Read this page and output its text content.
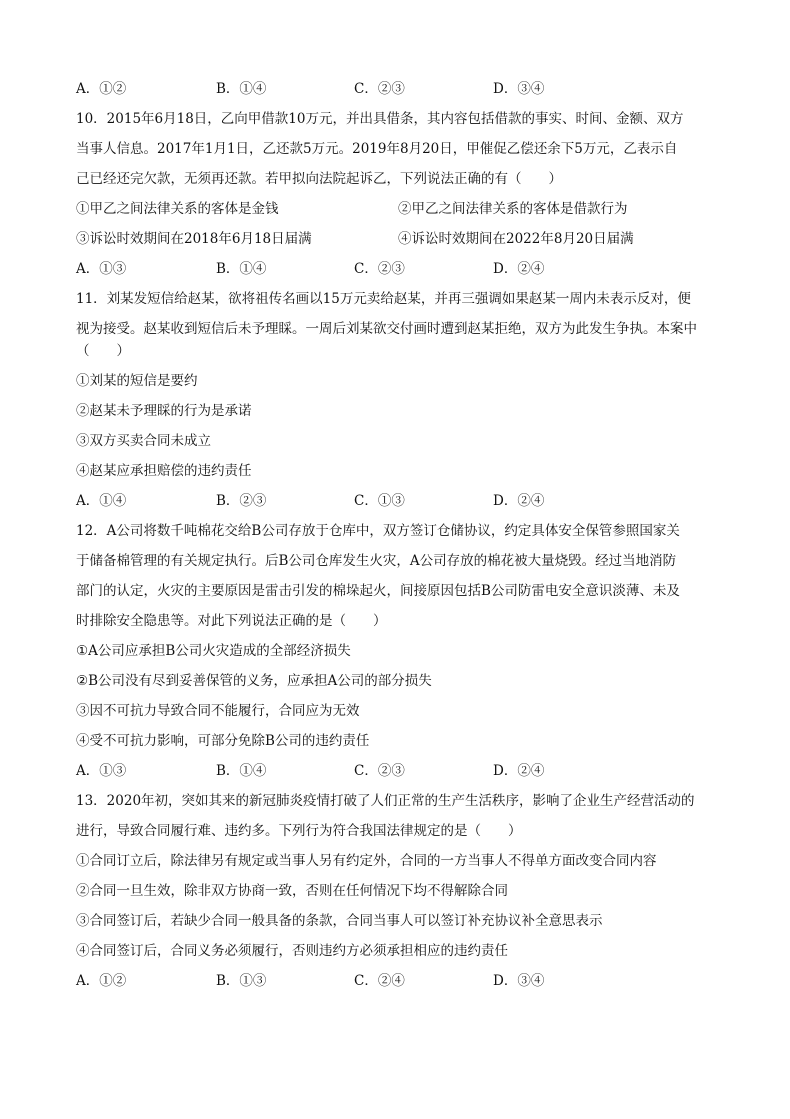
A．①②	B．①④	C．②③	D．③④
10．2015年6月18日，乙向甲借款10万元，并出具借条，其内容包括借款的事实、时间、金额、双方
当事人信息。2017年1月1日，乙还款5万元。2019年8月20日，甲催促乙偿还余下5万元，乙表示自
己已经还完欠款，无须再还款。若甲拟向法院起诉乙，下列说法正确的有（　　）
①甲乙之间法律关系的客体是金钱	②甲乙之间法律关系的客体是借款行为
③诉讼时效期间在2018年6月18日届满	④诉讼时效期间在2022年8月20日届满
A．①③	B．①④	C．②③	D．②④
11．刘某发短信给赵某，欲将祖传名画以15万元卖给赵某，并再三强调如果赵某一周内未表示反对，便
视为接受。赵某收到短信后未予理睬。一周后刘某欲交付画时遭到赵某拒绝，双方为此发生争执。本案中
（　　）
①刘某的短信是要约
②赵某未予理睬的行为是承诺
③双方买卖合同未成立
④赵某应承担赔偿的违约责任
A．①④	B．②③	C．①③	D．②④
12．A公司将数千吨棉花交给B公司存放于仓库中，双方签订仓储协议，约定具体安全保管参照国家关
于储备棉管理的有关规定执行。后B公司仓库发生火灾，A公司存放的棉花被大量烧毁。经过当地消防
部门的认定，火灾的主要原因是雷击引发的棉垛起火，间接原因包括B公司防雷电安全意识淡薄、未及
时排除安全隐患等。对此下列说法正确的是（　　）
①A公司应承担B公司火灾造成的全部经济损失
②B公司没有尽到妥善保管的义务，应承担A公司的部分损失
③因不可抗力导致合同不能履行，合同应为无效
④受不可抗力影响，可部分免除B公司的违约责任
A．①③	B．①④	C．②③	D．②④
13．2020年初，突如其来的新冠肺炎疫情打破了人们正常的生产生活秩序，影响了企业生产经营活动的
进行，导致合同履行难、违约多。下列行为符合我国法律规定的是（　　）
①合同订立后，除法律另有规定或当事人另有约定外，合同的一方当事人不得单方面改变合同内容
②合同一旦生效，除非双方协商一致，否则在任何情况下均不得解除合同
③合同签订后，若缺少合同一般具备的条款，合同当事人可以签订补充协议补全意思表示
④合同签订后，合同义务必须履行，否则违约方必须承担相应的违约责任
A．①②	B．①③	C．②④	D．③④
